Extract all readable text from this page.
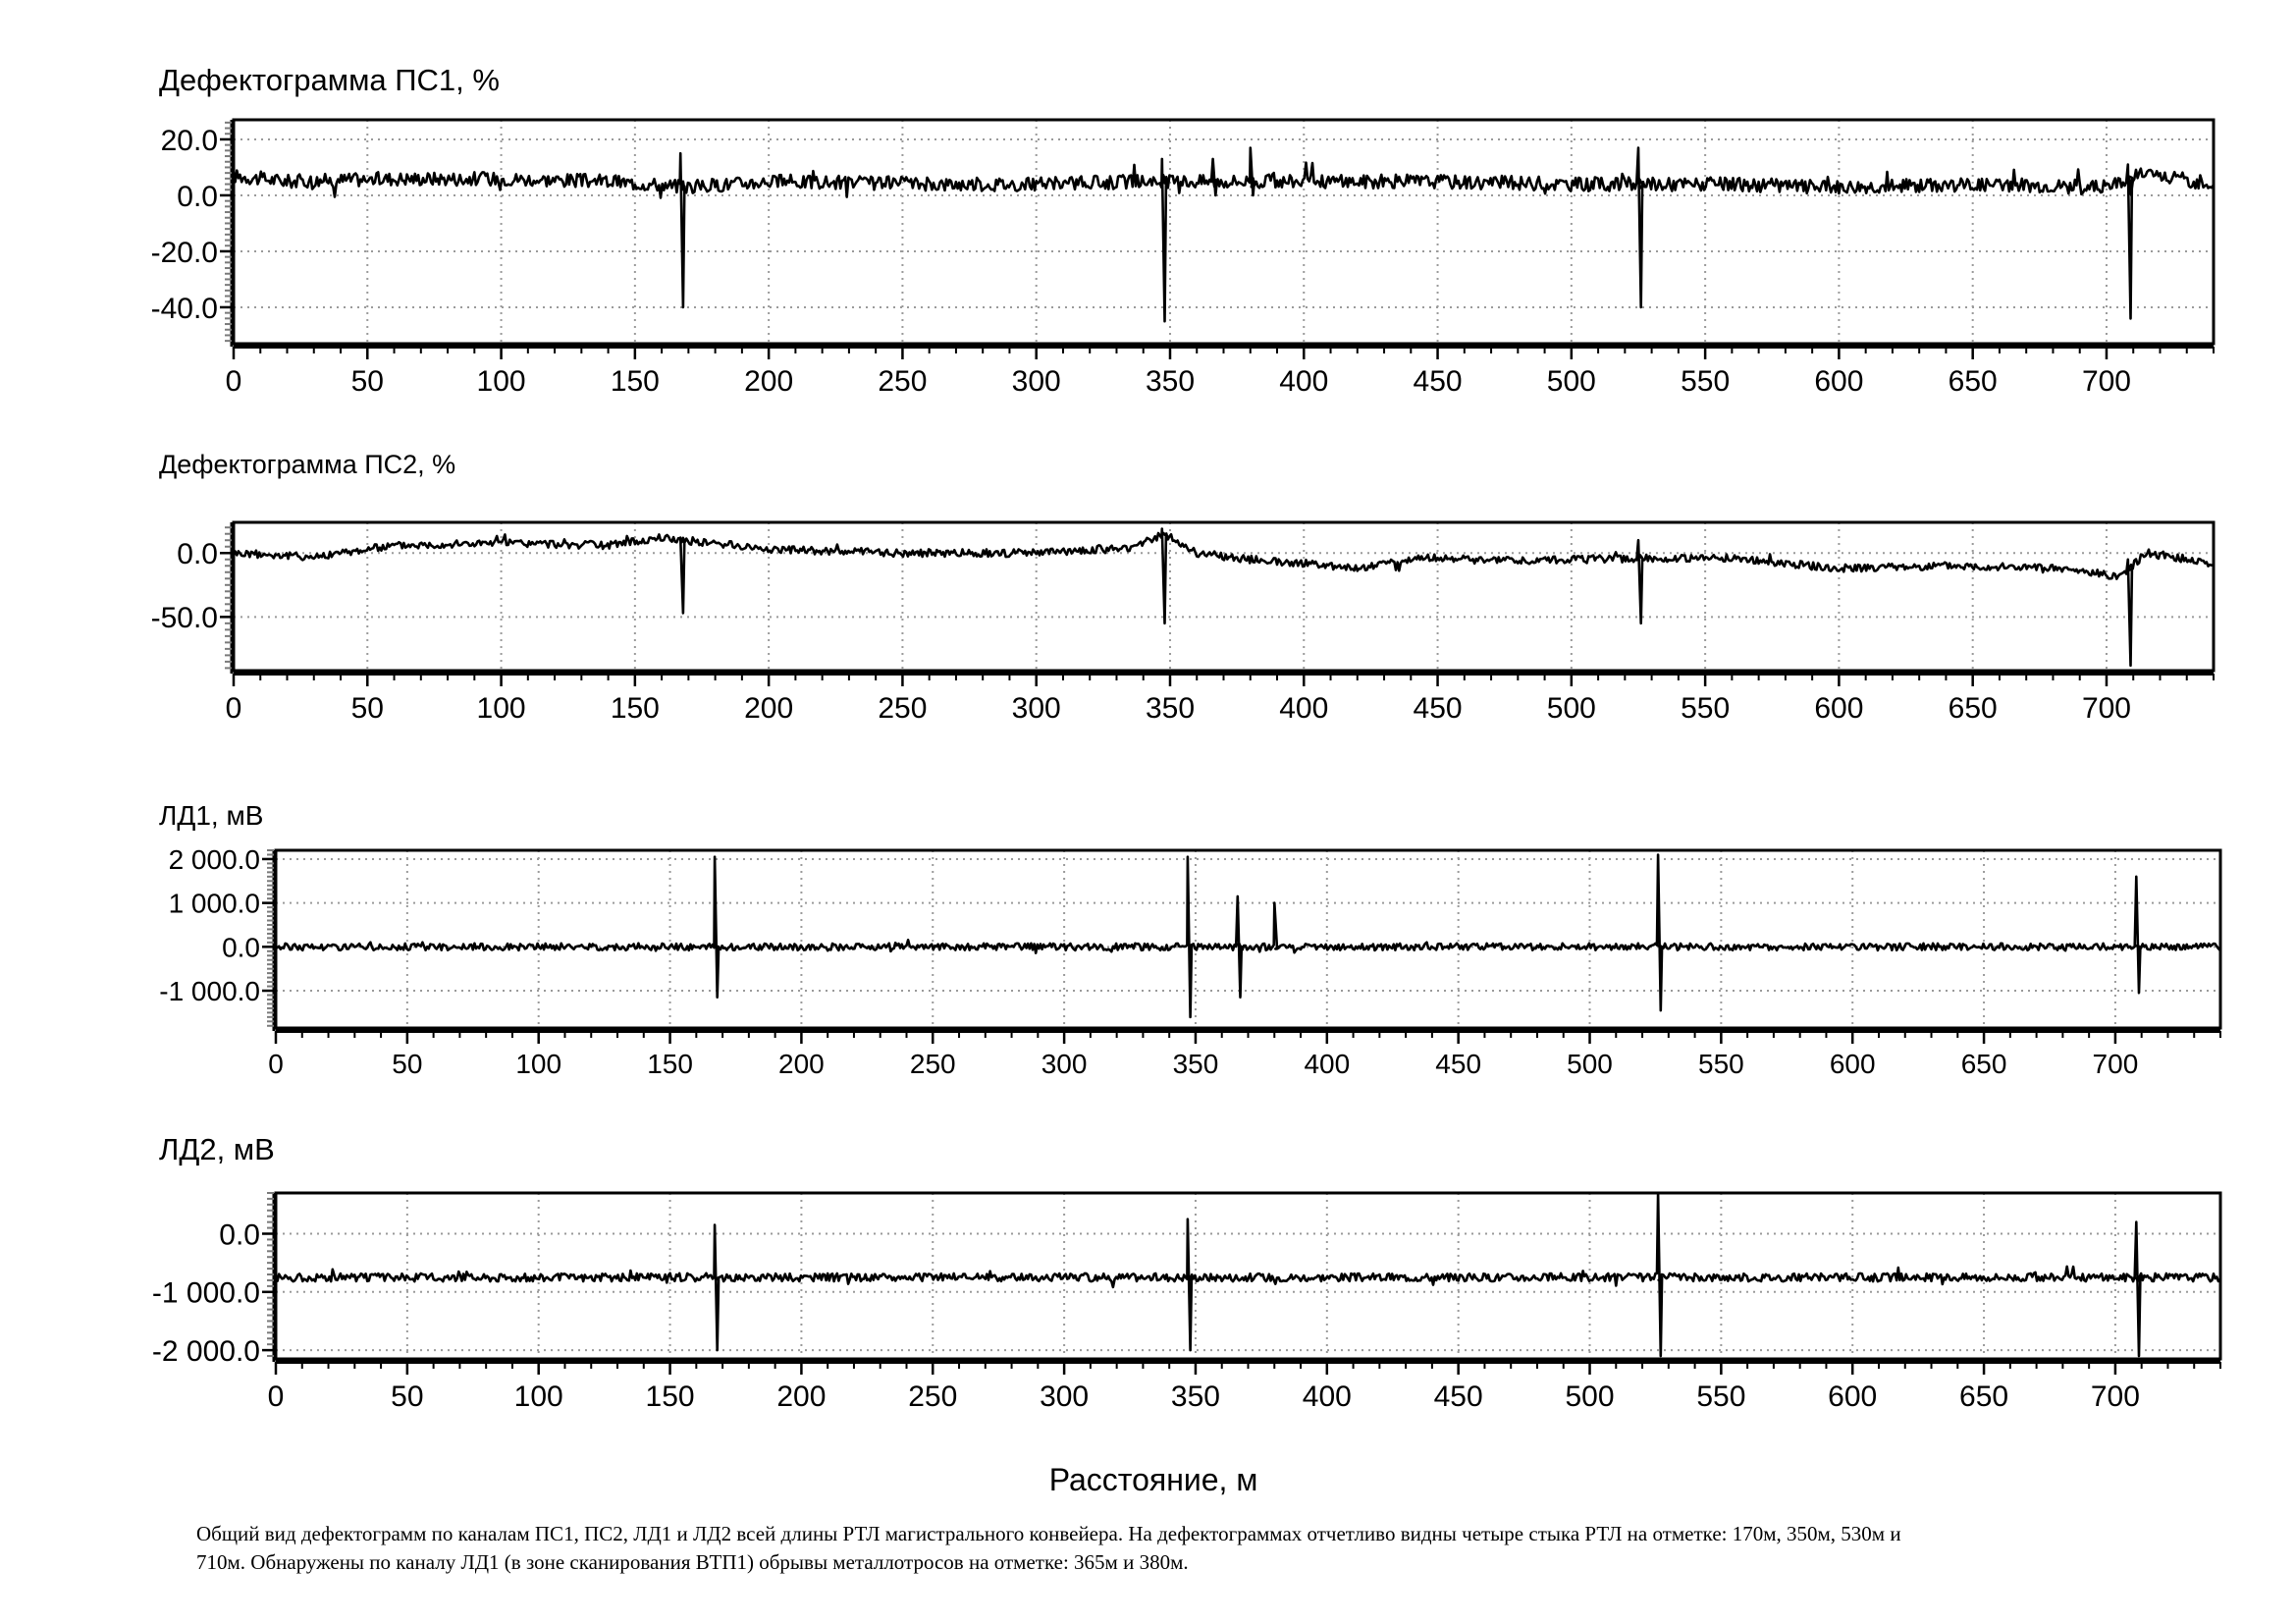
Дефектограмма ПС1, %
0	50	100	150	200	250	300	350	400	450	500	550	600	650	700
20.0
0.0
-20.0
-40.0
Дефектограмма ПС2, %
0	50	100	150	200	250	300	350	400	450	500	550	600	650	700
0.0
-50.0
ЛД1, мВ
0	50	100	150	200	250	300	350	400	450	500	550	600	650	700
2 000.0
1 000.0
0.0
-1 000.0
ЛД2, мВ
0	50	100	150	200	250	300	350	400	450	500	550	600	650	700
0.0
-1 000.0
-2 000.0
Расстояние, м
Общий вид дефектограмм по каналам ПС1, ПС2, ЛД1 и ЛД2 всей длины РТЛ магистрального конвейера. На дефектограммах отчетливо видны четыре стыка РТЛ на отметке: 170м, 350м, 530м и
710м. Обнаружены по каналу ЛД1 (в зоне сканирования ВТП1) обрывы металлотросов на отметке: 365м и 380м.
